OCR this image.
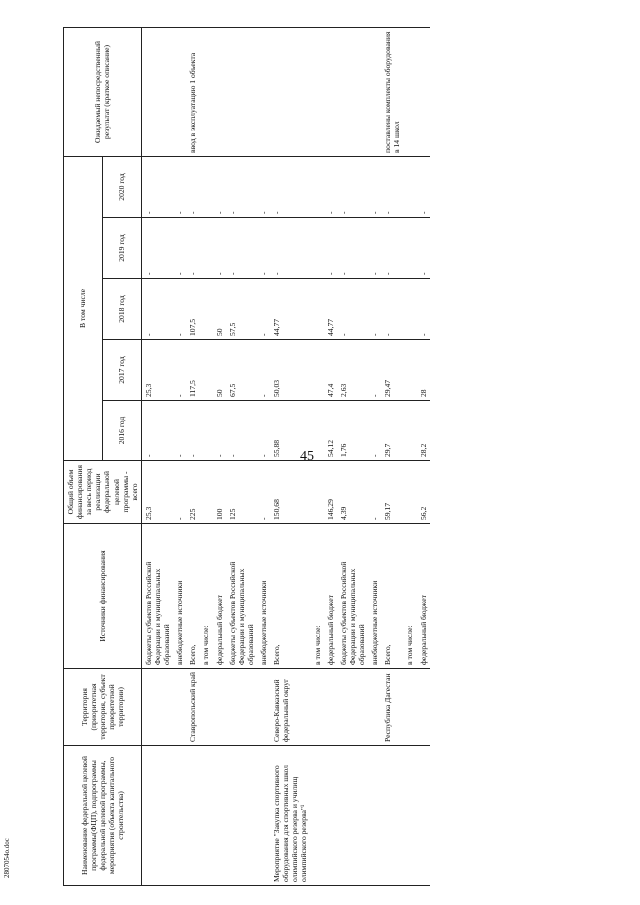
45
2807054o.doc	Наименование федеральной целевой программы(ФЦП), подпрограммы федеральной целевой программы, мероприятия (объекта капитального строительства)	Территория (приоритетная территория, субъект приоритетной территории)	Источники финансирования	Общий объем финансирования за весь период реализации федеральной целевой программы - всего	В том числе					Ожидаемый непосредственный результат (краткое описание)
				2016 год	2017 год	2018 год	2019 год	2020 год	
		бюджеты субъектов Российской Федерации и муниципальных образований	25,3	-	25,3	-	-	-	
		внебюджетные источники	-	-	-	-	-	-	
	Ставропольский край	Всего,	225	-	117,5	107,5	-	-	ввод в эксплуатацию 1 объекта
		в том числе:							
		федеральный бюджет	100	-	50	50	-	-	
		бюджеты субъектов Российской Федерации и муниципальных образований	125	-	67,5	57,5	-	-	
		внебюджетные источники	-	-	-	-	-	-	
Мероприятие "Закупка спортивного оборудования для спортивных школ олимпийского резерва и училищ олимпийского резерва"¹	Северо-Кавказский федеральный округ	Всего,	150,68	55,88	50,03	44,77	-	-	
		в том числе:							
		федеральный бюджет	146,29	54,12	47,4	44,77	-	-	
		бюджеты субъектов Российской Федерации и муниципальных образований	4,39	1,76	2,63	-	-	-	
		внебюджетные источники	-	-	-	-	-	-	
	Республика Дагестан	Всего,	59,17	29,7	29,47	-	-	-	поставлены комплекты оборудования в 14 школ
		в том числе:							
		федеральный бюджет	56,2	28,2	28	-	-	-	
